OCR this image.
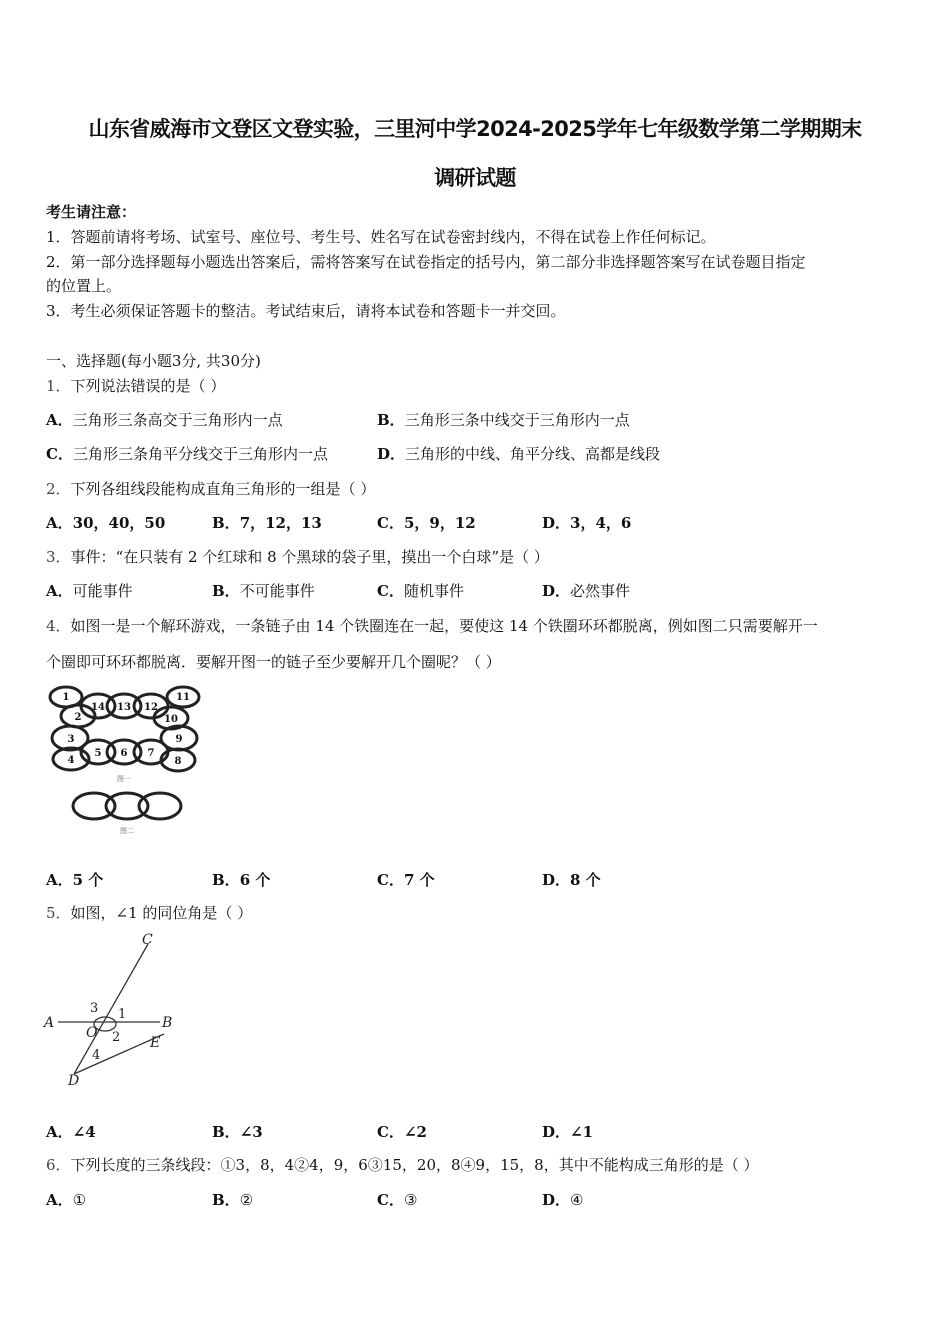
山东省威海市文登区文登实验，三里河中学2024-2025学年七年级数学第二学期期末
调研试题
考生请注意：
1．答题前请将考场、试室号、座位号、考生号、姓名写在试卷密封线内，不得在试卷上作任何标记。
2．第一部分选择题每小题选出答案后，需将答案写在试卷指定的括号内，第二部分非选择题答案写在试卷题目指定
的位置上。
3．考生必须保证答题卡的整洁。考试结束后，请将本试卷和答题卡一并交回。
一、选择题(每小题3分, 共30分)
1．下列说法错误的是（ ）
A．三角形三条高交于三角形内一点	B．三角形三条中线交于三角形内一点
C．三角形三条角平分线交于三角形内一点	D．三角形的中线、角平分线、高都是线段
2．下列各组线段能构成直角三角形的一组是（ ）
A．30，40，50	B．7，12，13	C．5，9，12	D．3，4，6
3．事件：“在只装有 2 个红球和 8 个黑球的袋子里，摸出一个白球”是（ ）
A．可能事件	B．不可能事件	C．随机事件	D．必然事件
4．如图一是一个解环游戏，一条链子由 14 个铁圈连在一起，要使这 14 个铁圈环环都脱离，例如图二只需要解开一
个圈即可环环都脱离．要解开图一的链子至少要解开几个圈呢？（ ）
1
2
3
4
5 6 7
8
9
10
11
12
13
14
图一
图二
A．5 个	B．6 个	C．7 个	D．8 个
5．如图，∠1 的同位角是（ ）
C
A	B
O
E
D
1
2
3
4
A．∠4	B．∠3	C．∠2	D．∠1
6．下列长度的三条线段：①3，8，4②4，9，6③15，20，8④9，15，8，其中不能构成三角形的是（ ）
A．①	B．②	C．③	D．④
